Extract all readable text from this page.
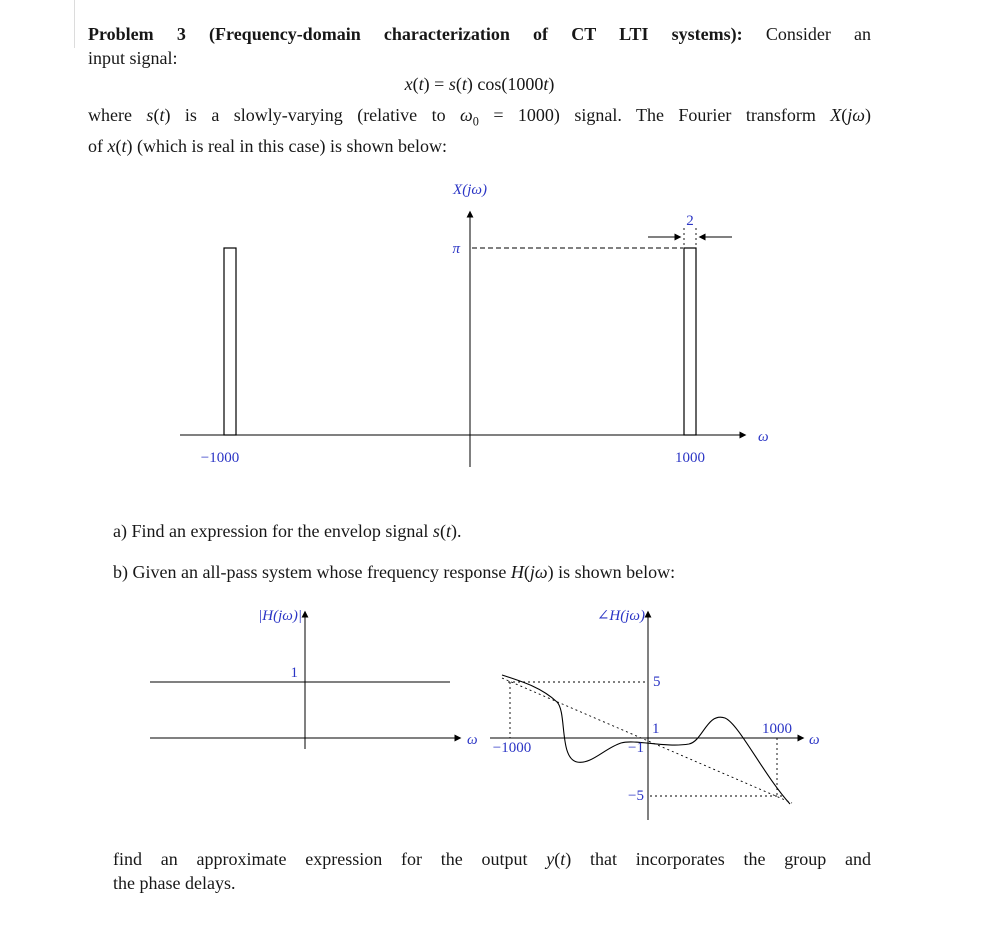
Problem 3 (Frequency-domain characterization of CT LTI systems): Consider an
input signal:
x(t) = s(t) cos(1000t)
where s(t) is a slowly-varying (relative to $\omega_0 = 1000$) signal. The Fourier transform X(jω)
of x(t) (which is real in this case) is shown below:
X(jω)
π
2
−1000	1000
ω
a) Find an expression for the envelop signal s(t).
b) Given an all-pass system whose frequency response H(jω) is shown below:
|H(jω)|
1
ω
∠H(jω)
5
1
−1
−5
−1000
1000
ω
find an approximate expression for the output y(t) that incorporates the group and
the phase delays.
